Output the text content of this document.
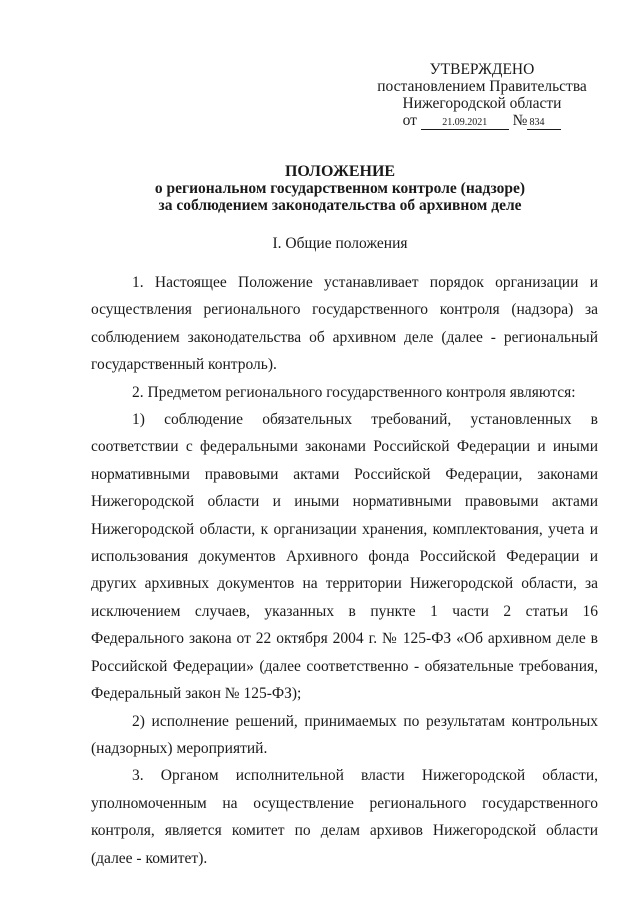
УТВЕРЖДЕНО
постановлением Правительства
Нижегородской области
от	21.09.2021 № 834
ПОЛОЖЕНИЕ
о региональном государственном контроле (надзоре)
за соблюдением законодательства об архивном деле
I. Общие положения

1. Настоящее Положение устанавливает порядок организации и осуществления регионального государственного контроля (надзора) за соблюдением законодательства об архивном деле (далее - региональный государственный контроль).

2. Предметом регионального государственного контроля являются:

1) соблюдение обязательных требований, установленных в соответствии с федеральными законами Российской Федерации и иными нормативными правовыми актами Российской Федерации, законами Нижегородской области и иными нормативными правовыми актами Нижегородской области, к организации хранения, комплектования, учета и использования документов Архивного фонда Российской Федерации и других архивных документов на территории Нижегородской области, за исключением случаев, указанных в пункте 1 части 2 статьи 16 Федерального закона от 22 октября 2004 г. № 125-ФЗ «Об архивном деле в Российской Федерации» (далее соответственно - обязательные требования, Федеральный закон № 125-ФЗ);

2) исполнение решений, принимаемых по результатам контрольных (надзорных) мероприятий.

3. Органом исполнительной власти Нижегородской области, уполномоченным на осуществление регионального государственного контроля, является комитет по делам архивов Нижегородской области (далее - комитет).
